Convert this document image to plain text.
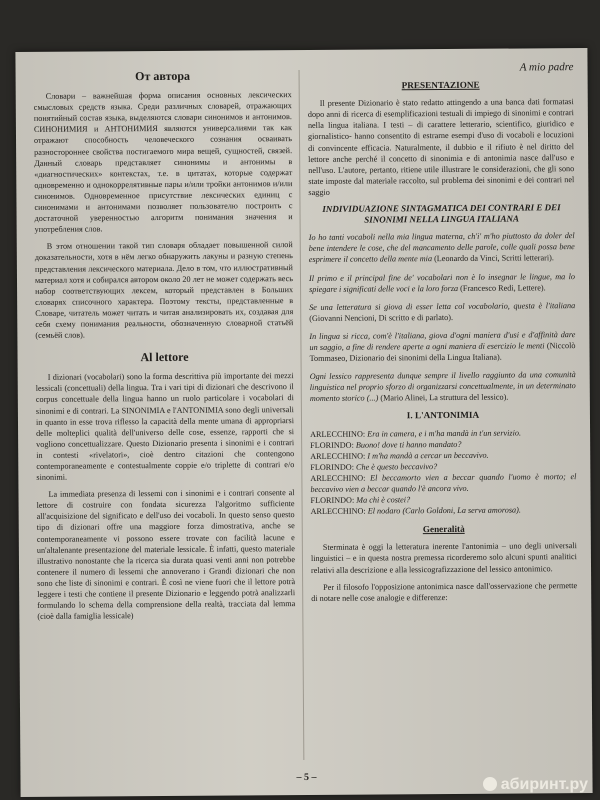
От автора

Словари – важнейшая форма описания основных лексических смысловых средств языка. Среди различных словарей, отражающих понятийный состав языка, выделяются словари синонимов и антонимов. СИНОНИМИЯ и АНТОНИМИЯ являются универсалиями так как отражают способность человеческого сознания осваивать разностороннее свойства постигаемого мира вещей, сущностей, связей. Данный словарь представляет синонимы и антонимы в «диагностических» контекстах, т.е. в цитатах, которые содержат одновременно и однокоррелятивные пары и/или тройки антонимов и/или синонимов. Одновременное присутствие лексических единиц с синонимами и антонимами позволяет пользователю построить с достаточной уверенностью алгоритм понимания значения и употребления слов.

В этом отношении такой тип словаря обладает повышенной силой доказательности, хотя в нём легко обнаружить лакуны и разную степень представления лексического материала. Дело в том, что иллюстративный материал хотя и собирался автором около 20 лет не может содержать весь набор соответствующих лексем, который представлен в Больших словарях списочного характера. Поэтому тексты, представленные в Словаре, читатель может читать и читая анализировать их, создавая для себя схему понимания реальности, обозначенную словарной статьёй (семьёй слов).

Al lettore

I dizionari (vocabolari) sono la forma descrittiva più importante dei mezzi lessicali (concettuali) della lingua. Tra i vari tipi di dizionari che descrivono il corpus concettuale della lingua hanno un ruolo particolare i vocabolari di sinonimi e di contrari. La SINONIMIA e l'ANTONIMIA sono degli universali in quanto in esse trova riflesso la capacità della mente umana di appropriarsi delle molteplici qualità dell'universo delle cose, essenze, rapporti che si vogliono concettualizzare. Questo Dizionario presenta i sinonimi e i contrari in contesti «rivelatori», cioè dentro citazioni che contengono contemporaneamente e contestualmente coppie e/o triplette di contrari e/o sinonimi.

La immediata presenza di lessemi con i sinonimi e i contrari consente al lettore di costruire con fondata sicurezza l'algoritmo sufficiente all'acquisizione del significato e dell'uso dei vocaboli. In questo senso questo tipo di dizionari offre una maggiore forza dimostrativa, anche se contemporaneamente vi possono essere trovate con facilità lacune e un'altalenante presentazione del materiale lessicale. È infatti, questo materiale illustrativo nonostante che la ricerca sia durata quasi venti anni non potrebbe contenere il numero di lessemi che annoverano i Grandi dizionari che non sono che liste di sinonimi e contrari. È così ne viene fuori che il lettore potrà leggere i testi che contiene il presente Dizionario e leggendo potrà analizzarli formulando lo schema della comprensione della realtà, tracciata dal lemma (cioè dalla famiglia lessicale)

A mio padre
PRESENTAZIONE

Il presente Dizionario è stato redatto attingendo a una banca dati formatasi dopo anni di ricerca di esemplificazioni testuali di impiego di sinonimi e contrari nella lingua italiana. I testi – di carattere letterario, scientifico, giuridico e giornalistico- hanno consentito di estrarne esempi d'uso di vocaboli e locuzioni di convincente efficacia. Naturalmente, il dubbio e il rifiuto è nel diritto del lettore anche perché il concetto di sinonimia e di antonimia nasce dall'uso e nell'uso. L'autore, pertanto, ritiene utile illustrare le considerazioni, che gli sono state imposte dal materiale raccolto, sul problema dei sinonimi e dei contrari nel saggio

INDIVIDUAZIONE SINTAGMATICA DEI CONTRARI E DEI SINONIMI NELLA LINGUA ITALIANA

Io ho tanti vocaboli nella mia lingua materna, ch'i' m'ho piuttosto da doler del bene intendere le cose, che del mancamento delle parole, colle quali possa bene esprimere il concetto della mente mia (Leonardo da Vinci, Scritti letterari).

Il primo e il principal fine de' vocabolari non è lo insegnar le lingue, ma lo spiegare i significati delle voci e la loro forza (Francesco Redi, Lettere).

Se una letteratura si giova di esser letta col vocabolario, questa è l'italiana (Giovanni Nencioni, Di scritto e di parlato).

In lingua si ricca, com'è l'italiana, giova d'ogni maniera d'usi e d'affinità dare un saggio, a fine di rendere aperte a ogni maniera di esercizio le menti (Niccolò Tommaseo, Dizionario dei sinonimi della Lingua Italiana).

Ogni lessico rappresenta dunque sempre il livello raggiunto da una comunità linguistica nel proprio sforzo di organizzarsi concettualmente, in un determinato momento storico (...) (Mario Alinei, La struttura del lessico).

I. L'ANTONIMIA

ARLECCHINO: Era in camera, e i m'ha mandà in t'un servizio.

FLORINDO: Buono! dove ti hanno mandato?

ARLECCHINO: I m'ha mandà a cercar un beccavivo.

FLORINDO: Che è questo beccavivo?

ARLECCHINO: El beccamorto vien a beccar quando l'uomo è morto; el beccavivo vien a beccar quando l'è ancora vivo.

FLORINDO: Ma chi è costei?

ARLECCHINO: El nodaro (Carlo Goldoni, La serva amorosa).

Generalità

Sterminata è oggi la letteratura inerente l'antonimia – uno degli universali linguistici – e in questa nostra premessa ricorderemo solo alcuni spunti analitici relativi alla descrizione e alla lessicografizzazione del lessico antonimico.

Per il filosofo l'opposizione antonimica nasce dall'osservazione che permette di notare nelle cose analogie e differenze:

– 5 –	абиринт.ру
